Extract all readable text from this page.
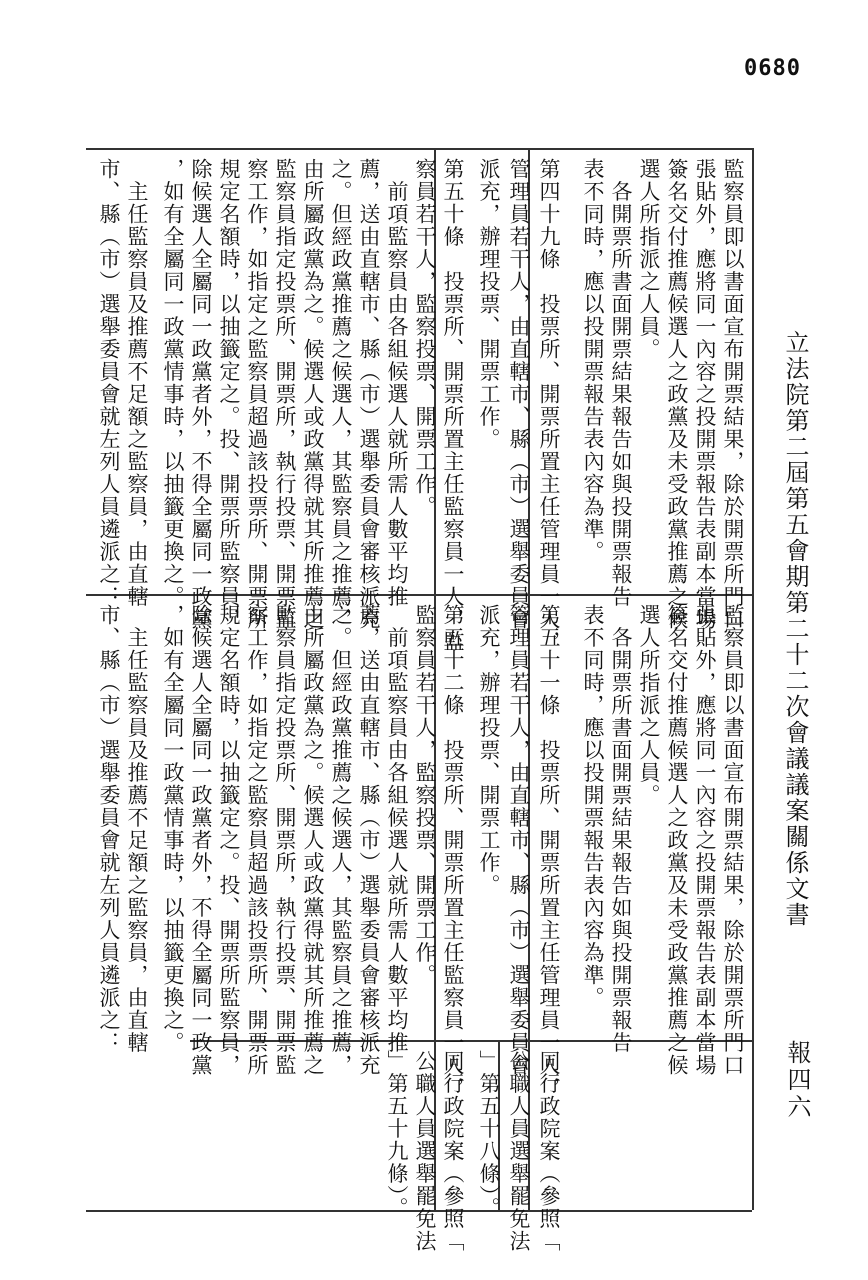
0680
立法院第二屆第五會期第二十二次會議議案關係文書
報四六
監察員即以書面宣布開票結果，除於開票所門口
張貼外，應將同一內容之投開票報告表副本當場
簽名交付推薦候選人之政黨及未受政黨推薦之候
選人所指派之人員。
　各開票所書面開票結果報告如與投開票報告
表不同時，應以投開票報告表內容為準。
第四十九條　投票所、開票所置主任管理員一人，
管理員若干人，由直轄市、縣（市）選舉委員會
派充，辦理投票、開票工作。
第五十條　投票所、開票所置主任監察員一人，監
察員若干人，監察投票、開票工作。
　前項監察員由各組候選人就所需人數平均推
薦，送由直轄市、縣（市）選舉委員會審核派充
之。但經政黨推薦之候選人，其監察員之推薦，
由所屬政黨為之。候選人或政黨得就其所推薦之
監察員指定投票所、開票所，執行投票、開票監
察工作，如指定之監察員超過該投票所、開票所
規定名額時，以抽籤定之。投、開票所監察員，
除候選人全屬同一政黨者外，不得全屬同一政黨
，如有全屬同一政黨情事時，以抽籤更換之。
　主任監察員及推薦不足額之監察員，由直轄
市、縣（市）選舉委員會就左列人員遴派之：
監察員即以書面宣布開票結果，除於開票所門口
張貼外，應將同一內容之投開票報告表副本當場
簽名交付推薦候選人之政黨及未受政黨推薦之候
選人所指派之人員。
　各開票所書面開票結果報告如與投開票報告
表不同時，應以投開票報告表內容為準。
第五十一條　投票所、開票所置主任管理員一人，
管理員若干人，由直轄市、縣（市）選舉委員會
派充，辦理投票、開票工作。
第五十二條　投票所、開票所置主任監察員一人，
監察員若干人，監察投票、開票工作。
　前項監察員由各組候選人就所需人數平均推
薦，送由直轄市、縣（市）選舉委員會審核派充
之。但經政黨推薦之候選人，其監察員之推薦，
由所屬政黨為之。候選人或政黨得就其所推薦之
監察員指定投票所、開票所，執行投票、開票監
察工作，如指定之監察員超過該投票所、開票所
規定名額時，以抽籤定之。投、開票所監察員，
除候選人全屬同一政黨者外，不得全屬同一政黨
，如有全屬同一政黨情事時，以抽籤更換之。
　主任監察員及推薦不足額之監察員，由直轄
市、縣（市）選舉委員會就左列人員遴派之：
同行政院案（參照「
公職人員選舉罷免法
」第五十八條）。
同行政院案（參照「
公職人員選舉罷免法
」第五十九條）。
